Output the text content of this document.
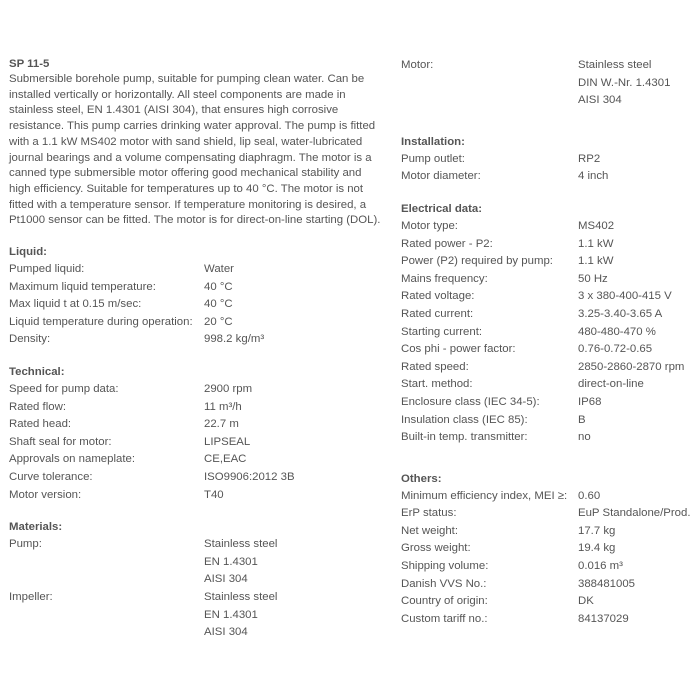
SP 11-5
Submersible borehole pump, suitable for pumping clean water. Can be
installed vertically or horizontally. All steel components are made in
stainless steel, EN 1.4301 (AISI 304), that ensures high corrosive
resistance. This pump carries drinking water approval. The pump is fitted
with a 1.1 kW MS402 motor with sand shield, lip seal, water-lubricated
journal bearings and a volume compensating diaphragm. The motor is a
canned type submersible motor offering good mechanical stability and
high efficiency. Suitable for temperatures up to 40 °C. The motor is not
fitted with a temperature sensor. If temperature monitoring is desired, a
Pt1000 sensor can be fitted. The motor is for direct-on-line starting (DOL).
Liquid:
Pumped liquid:	Water
Maximum liquid temperature:	40 °C
Max liquid t at 0.15 m/sec:	40 °C
Liquid temperature during operation: 20 °C
Density:	998.2 kg/m³
Technical:
Speed for pump data:	2900 rpm
Rated flow:	11 m³/h
Rated head:	22.7 m
Shaft seal for motor:	LIPSEAL
Approvals on nameplate:	CE,EAC
Curve tolerance:	ISO9906:2012 3B
Motor version:	T40
Materials:
Pump:	Stainless steel
EN 1.4301
AISI 304
Impeller:	Stainless steel
EN 1.4301
AISI 304
Motor:	Stainless steel
DIN W.-Nr. 1.4301
AISI 304
Installation:
Pump outlet:	RP2
Motor diameter:	4 inch
Electrical data:
Motor type:	MS402
Rated power - P2:	1.1 kW
Power (P2) required by pump:	1.1 kW
Mains frequency:	50 Hz
Rated voltage:	3 x 380-400-415 V
Rated current:	3.25-3.40-3.65 A
Starting current:	480-480-470 %
Cos phi - power factor:	0.76-0.72-0.65
Rated speed:	2850-2860-2870 rpm
Start. method:	direct-on-line
Enclosure class (IEC 34-5):	IP68
Insulation class (IEC 85):	B
Built-in temp. transmitter:	no
Others:
Minimum efficiency index, MEI ≥: 0.60
ErP status:	EuP Standalone/Prod.
Net weight:	17.7 kg
Gross weight:	19.4 kg
Shipping volume:	0.016 m³
Danish VVS No.:	388481005
Country of origin:	DK
Custom tariff no.:	84137029
